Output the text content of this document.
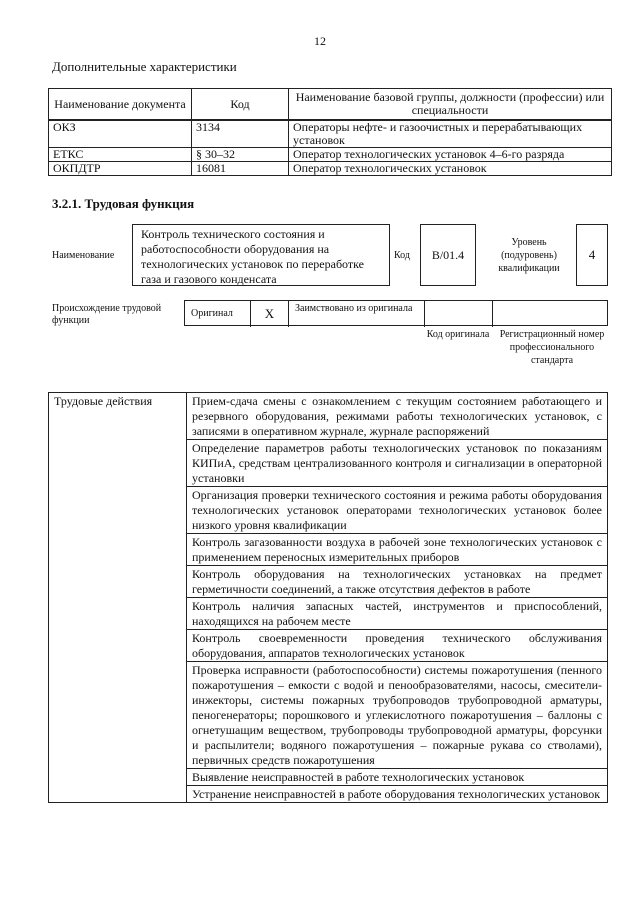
12
Дополнительные характеристики
Наименование документа	Код	Наименование базовой группы, должности (профессии) или специальности
ОКЗ	3134	Операторы нефте- и газоочистных и перерабатывающих установок
ЕТКС	§ 30–32	Оператор технологических установок 4–6-го разряда
ОКПДТР	16081	Оператор технологических установок
3.2.1. Трудовая функция
Наименование
Контроль технического состояния и работоспособности оборудования на технологических установок по переработке газа и газового конденсата
Код	В/01.4
Уровень (подуровень) квалификации
4
Происхождение трудовой функции
Оригинал	X	Заимствовано из оригинала
Код оригинала	Регистрационный номер профессионального стандарта
Трудовые действия	Прием-сдача смены с ознакомлением с текущим состоянием работающего и резервного оборудования, режимами работы технологических установок, с записями в оперативном журнале, журнале распоряжений
Определение параметров работы технологических установок по показаниям КИПиА, средствам централизованного контроля и сигнализации в операторной установки
Организация проверки технического состояния и режима работы оборудования технологических установок операторами технологических установок более низкого уровня квалификации
Контроль загазованности воздуха в рабочей зоне технологических установок с применением переносных измерительных приборов
Контроль оборудования на технологических установках на предмет герметичности соединений, а также отсутствия дефектов в работе
Контроль наличия запасных частей, инструментов и приспособлений, находящихся на рабочем месте
Контроль своевременности проведения технического обслуживания оборудования, аппаратов технологических установок
Проверка исправности (работоспособности) системы пожаротушения (пенного пожаротушения – емкости с водой и пенообразователями, насосы, смесители-инжекторы, системы пожарных трубопроводов трубопроводной арматуры, пеногенераторы; порошкового и углекислотного пожаротушения – баллоны с огнетушащим веществом, трубопроводы трубопроводной арматуры, форсунки и распылители; водяного пожаротушения – пожарные рукава со стволами), первичных средств пожаротушения
Выявление неисправностей в работе технологических установок
Устранение неисправностей в работе оборудования технологических установок
